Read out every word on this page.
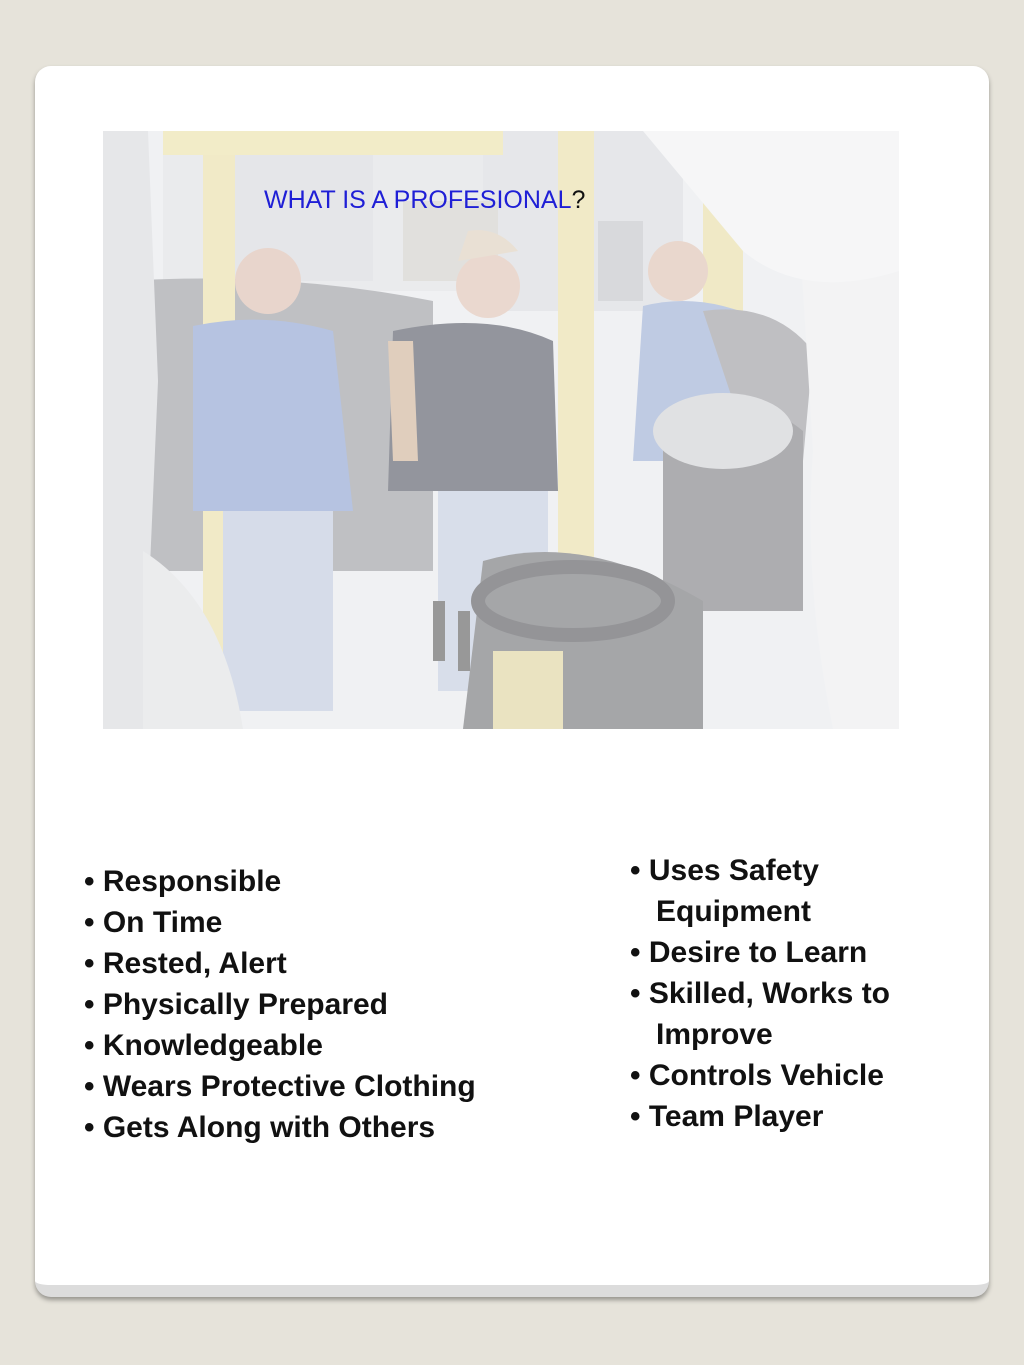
WHAT IS A PROFESIONAL?
• Responsible
• On Time
• Rested, Alert
• Physically Prepared
• Knowledgeable
• Wears Protective Clothing
• Gets Along with Others
• Uses Safety
Equipment
• Desire to Learn
• Skilled, Works to
Improve
• Controls Vehicle
• Team Player
